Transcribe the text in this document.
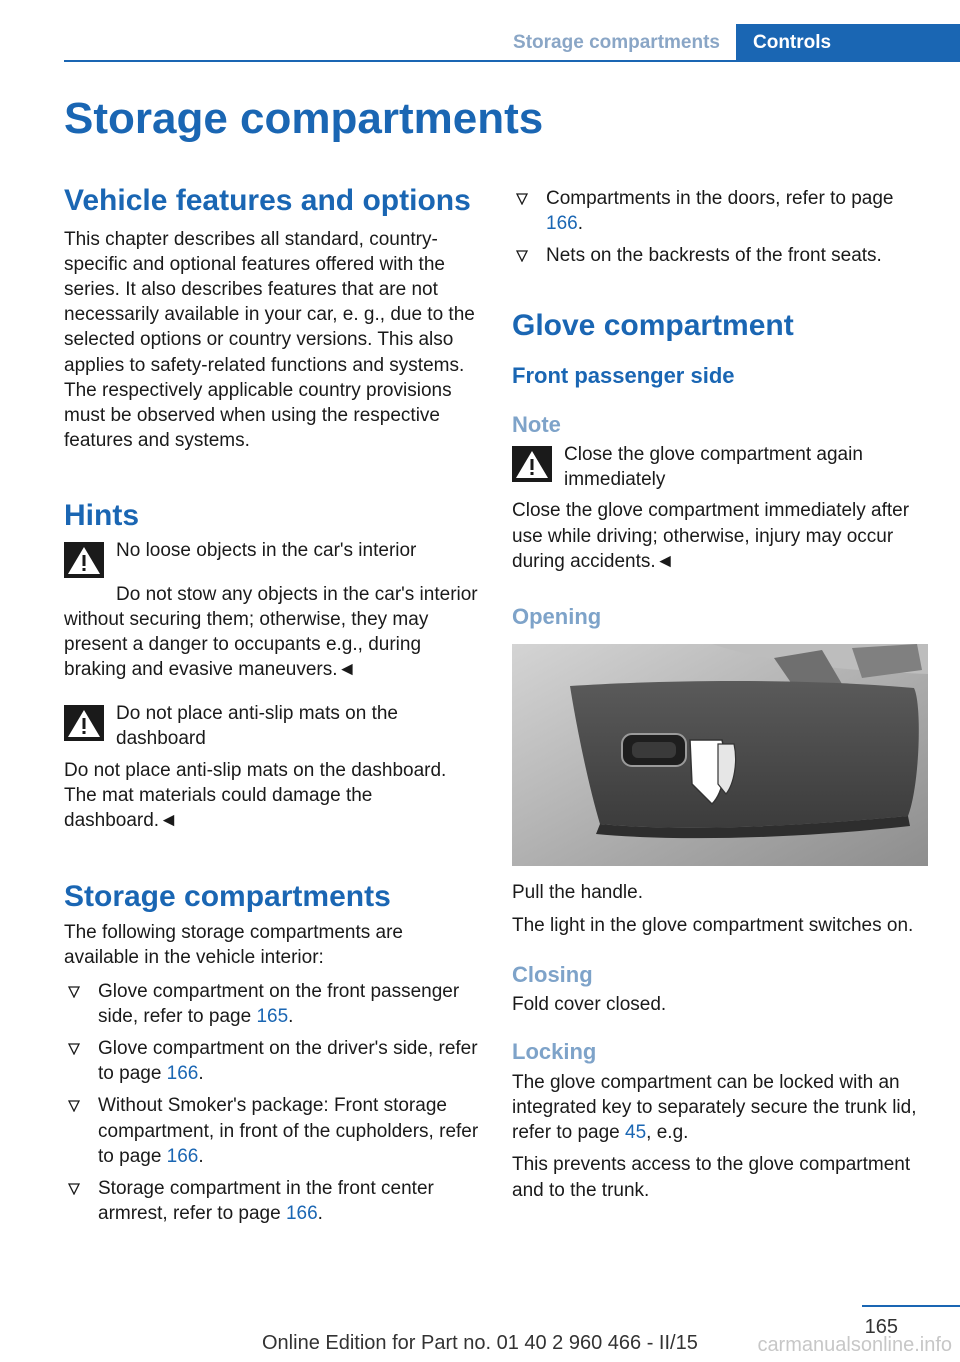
Storage compartments	Controls
Storage compartments
Vehicle features and options

This chapter describes all standard, country-specific and optional features offered with the series. It also describes features that are not necessarily available in your car, e. g., due to the selected options or country versions. This also applies to safety-related functions and systems. The respectively applicable country provisions must be observed when using the respective features and systems.

Hints

No loose objects in the car's interior

Do not stow any objects in the car's interior without securing them; otherwise, they may present a danger to occupants e.g., during braking and evasive maneuvers.◄

Do not place anti-slip mats on the dashboard

Do not place anti-slip mats on the dashboard. The mat materials could damage the dashboard.◄

Storage compartments

The following storage compartments are available in the vehicle interior:

Glove compartment on the front passenger side, refer to page 165.
Glove compartment on the driver's side, refer to page 166.
Without Smoker's package: Front storage compartment, in front of the cupholders, refer to page 166.
Storage compartment in the front center armrest, refer to page 166.
Compartments in the doors, refer to page 166.
Nets on the backrests of the front seats.
Glove compartment
Front passenger side
Note

Close the glove compartment again immediately

Close the glove compartment immediately after use while driving; otherwise, injury may occur during accidents.◄

Opening

Pull the handle.

The light in the glove compartment switches on.

Closing

Fold cover closed.

Locking

The glove compartment can be locked with an integrated key to separately secure the trunk lid, refer to page 45, e.g.

This prevents access to the glove compartment and to the trunk.

165
Online Edition for Part no. 01 40 2 960 466 - II/15	carmanualsonline.info
